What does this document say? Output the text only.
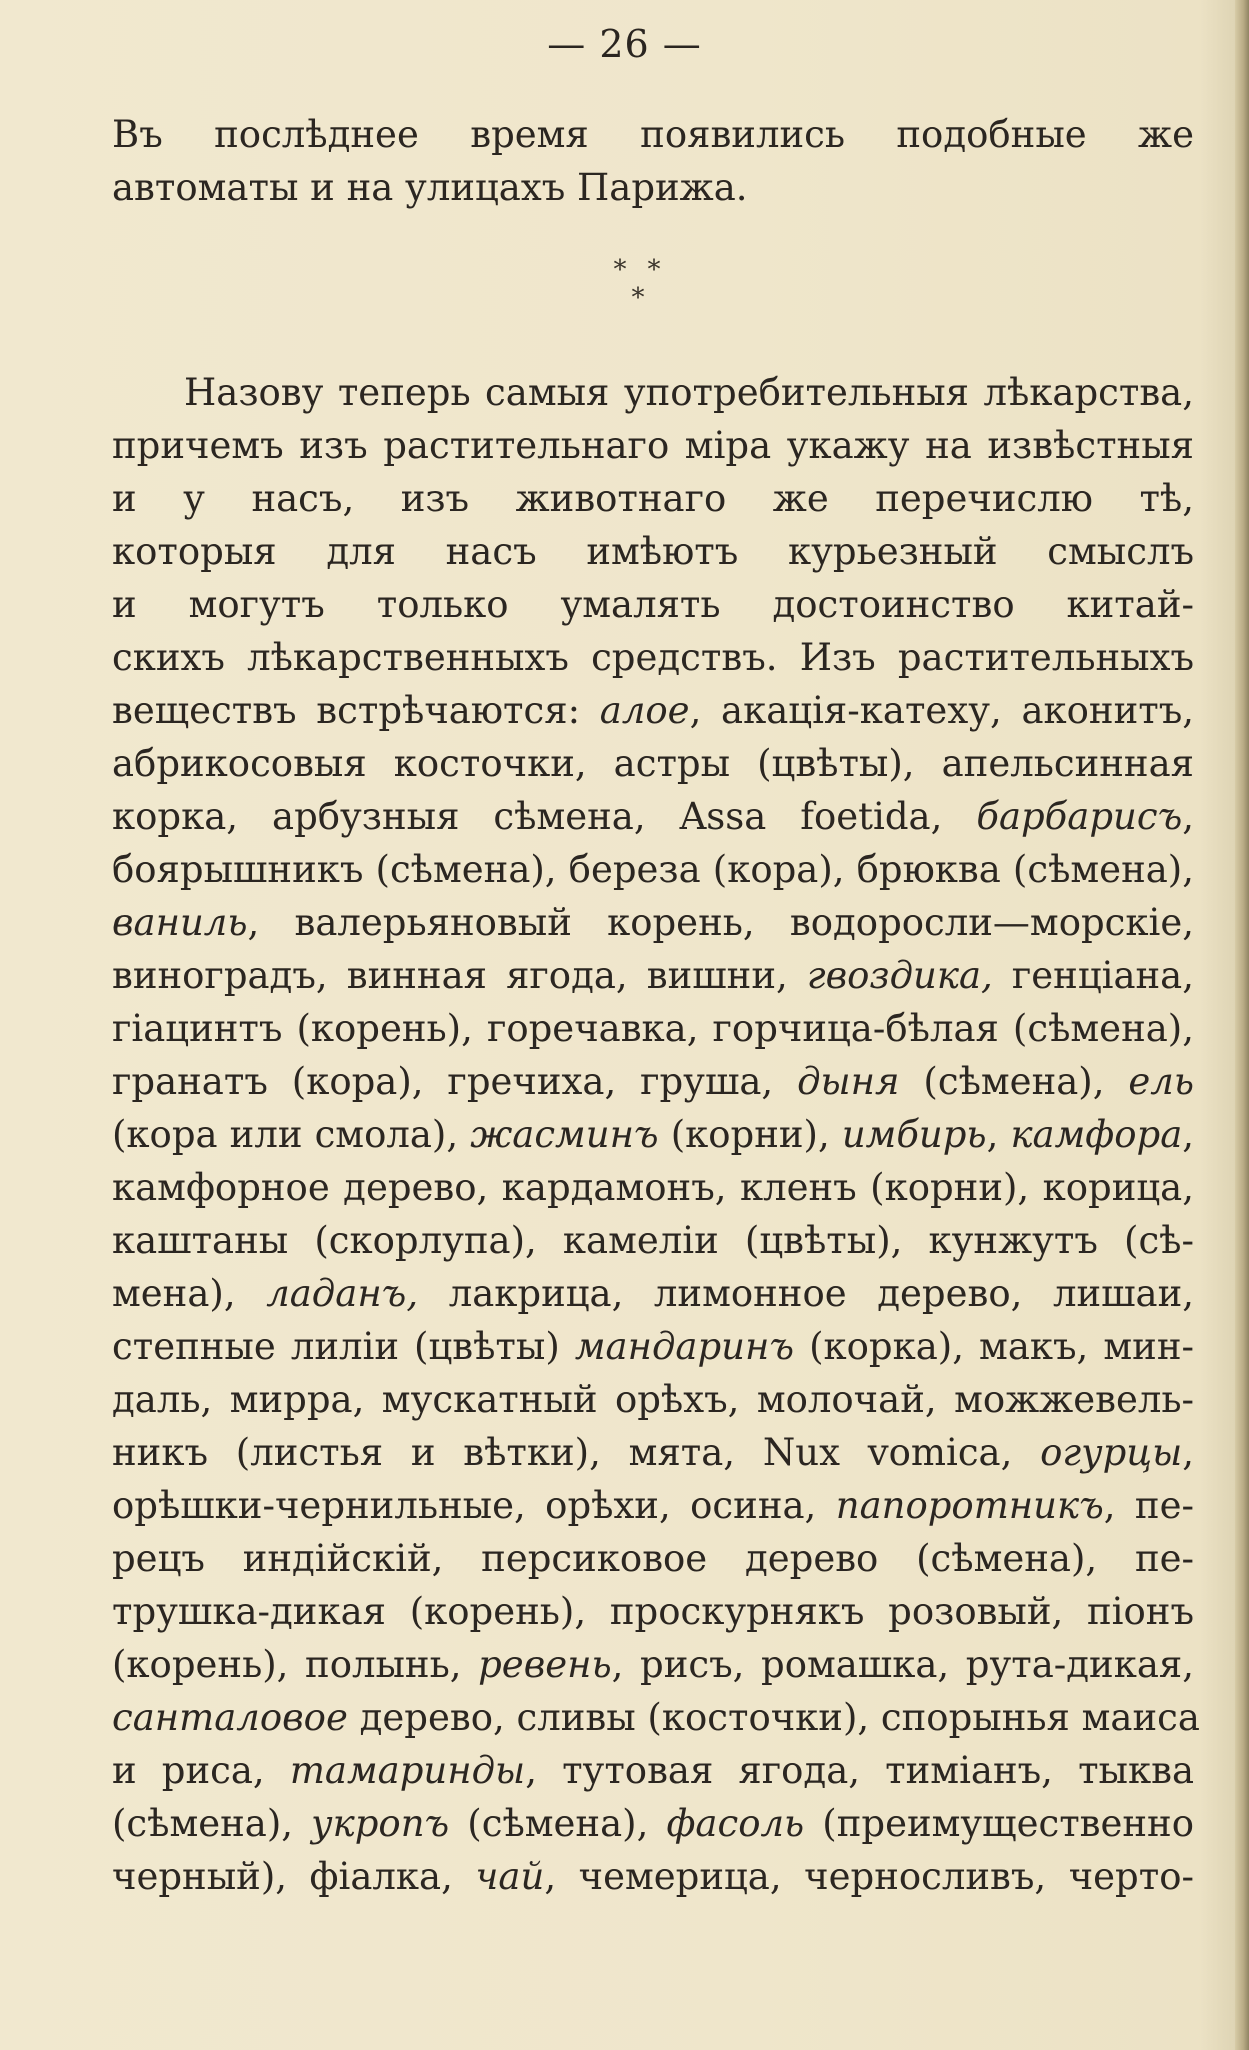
— 26 —
Въ послѣднее время появились подобные же
автоматы и на улицахъ Парижа.
* *
*
Назову теперь самыя употребительныя лѣкарства,
причемъ изъ растительнаго міра укажу на извѣстныя
и у насъ, изъ животнаго же перечислю тѣ,
которыя для насъ имѣютъ курьезный смыслъ
и могутъ только умалять достоинство китай-
скихъ лѣкарственныхъ средствъ. Изъ растительныхъ
веществъ встрѣчаются: алое, акація-катеху, аконитъ,
абрикосовыя косточки, астры (цвѣты), апельсинная
корка, арбузныя сѣмена, Assa foetida, барбарисъ,
боярышникъ (сѣмена), береза (кора), брюква (сѣмена),
ваниль, валерьяновый корень, водоросли—морскіе,
виноградъ, винная ягода, вишни, гвоздика, генціана,
гіацинтъ (корень), горечавка, горчица-бѣлая (сѣмена),
гранатъ (кора), гречиха, груша, дыня (сѣмена), ель
(кора или смола), жасминъ (корни), имбирь, камфора,
камфорное дерево, кардамонъ, кленъ (корни), корица,
каштаны (скорлупа), камеліи (цвѣты), кунжутъ (сѣ-
мена), ладанъ, лакрица, лимонное дерево, лишаи,
степные лиліи (цвѣты) мандаринъ (корка), макъ, мин-
даль, мирра, мускатный орѣхъ, молочай, можжевель-
никъ (листья и вѣтки), мята, Nux vomica, огурцы,
орѣшки-чернильные, орѣхи, осина, папоротникъ, пе-
рецъ индійскій, персиковое дерево (сѣмена), пе-
трушка-дикая (корень), проскурнякъ розовый, піонъ
(корень), полынь, ревень, рисъ, ромашка, рута-дикая,
сантaловое дерево, сливы (косточки), спорынья маиса
и риса, тамаринды, тутовая ягода, тиміанъ, тыква
(сѣмена), укропъ (сѣмена), фасоль (преимущественно
черный), фіалка, чай, чемерица, черносливъ, черто-
